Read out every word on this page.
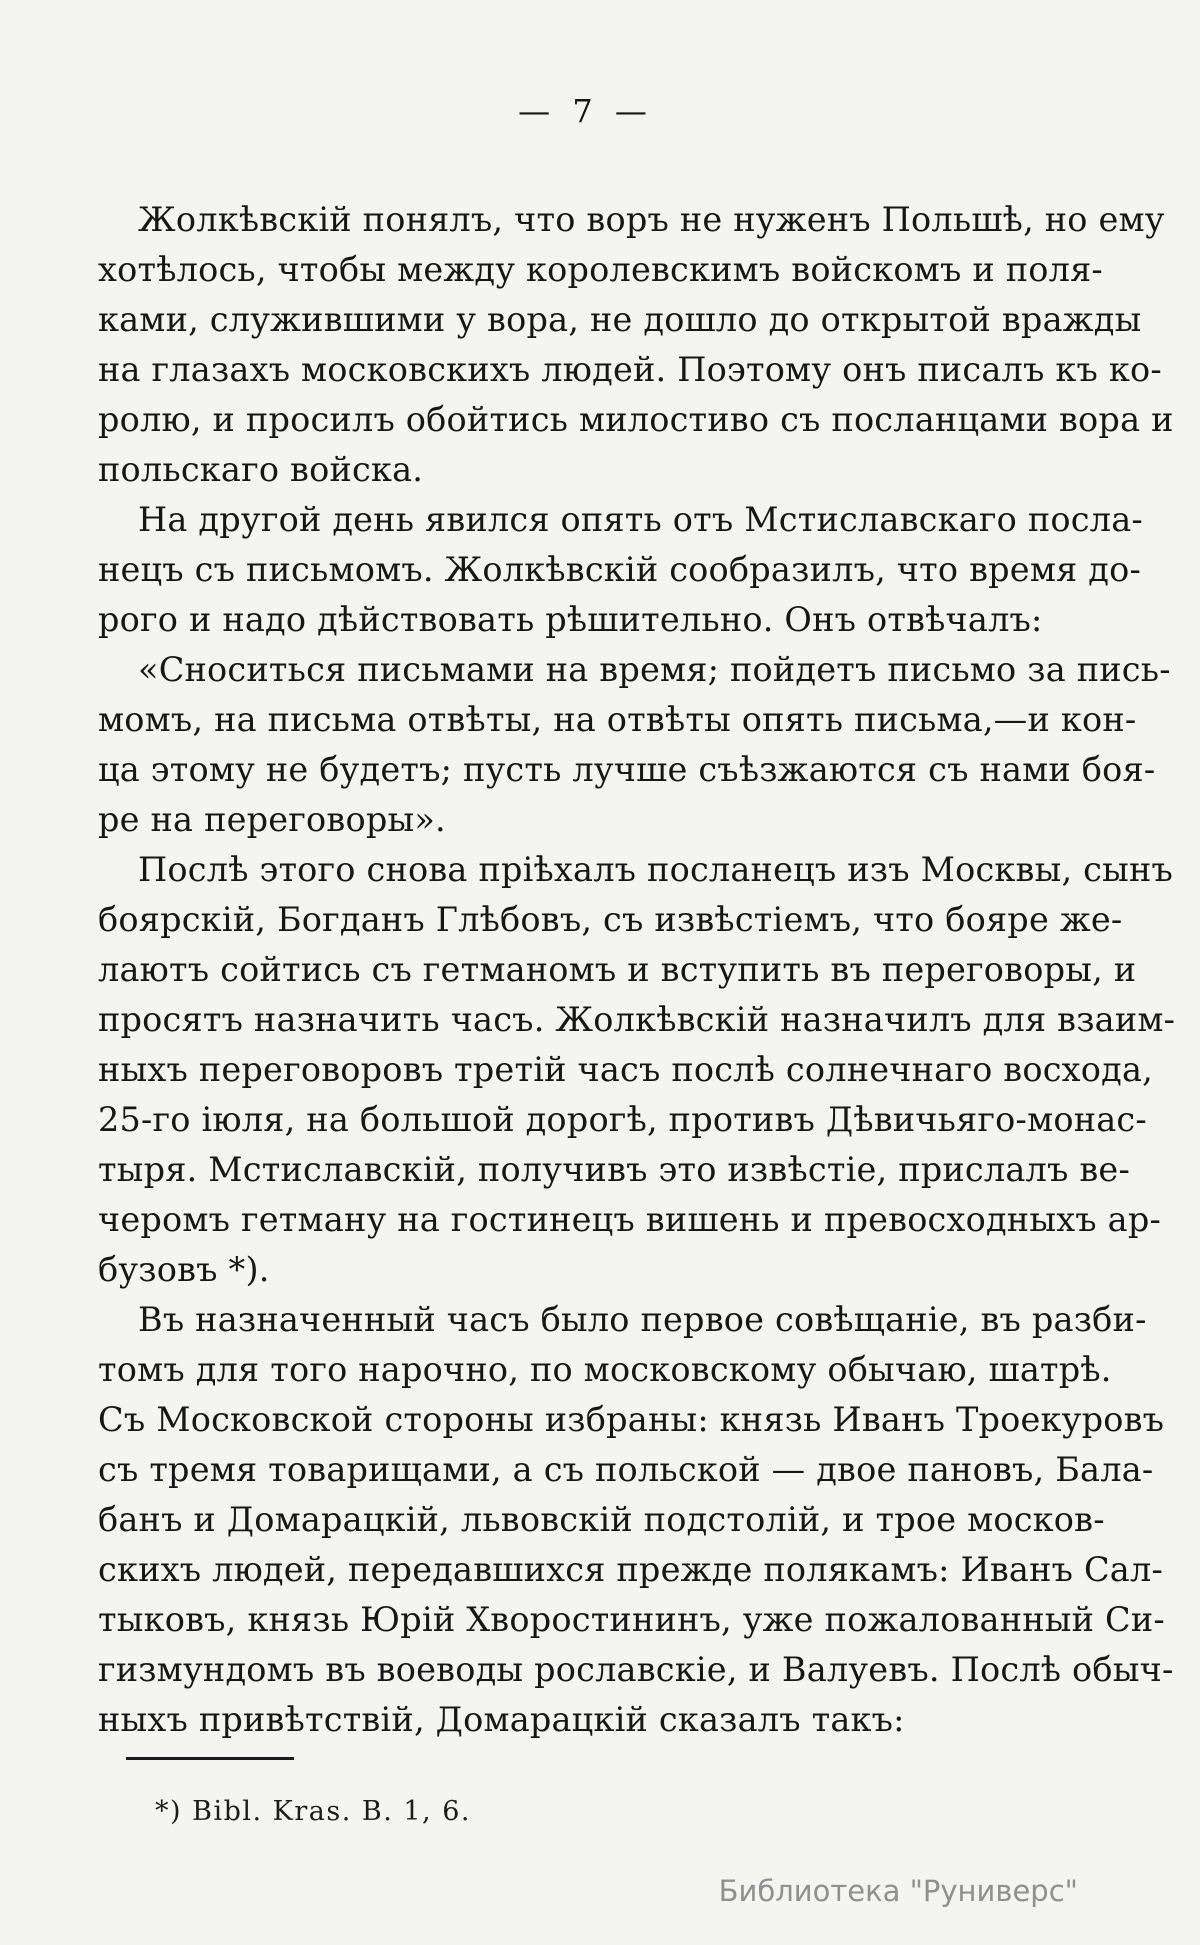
— 7 —
Жолкѣвскій понялъ, что воръ не нуженъ Польшѣ, но ему
хотѣлось, чтобы между королевскимъ войскомъ и поля-
ками, служившими у вора, не дошло до открытой вражды
на глазахъ московскихъ людей. Поэтому онъ писалъ къ ко-
ролю, и просилъ обойтись милостиво съ посланцами вора и
польскаго войска.
На другой день явился опять отъ Мстиславскаго посла-
нецъ съ письмомъ. Жолкѣвскій сообразилъ, что время до-
рого и надо дѣйствовать рѣшительно. Онъ отвѣчалъ:
«Сноситься письмами на время; пойдетъ письмо за пись-
момъ, на письма отвѣты, на отвѣты опять письма,—и кон-
ца этому не будетъ; пусть лучше съѣзжаются съ нами боя-
ре на переговоры».
Послѣ этого снова пріѣхалъ посланецъ изъ Москвы, сынъ
боярскій, Богданъ Глѣбовъ, съ извѣстіемъ, что бояре же-
лаютъ сойтись съ гетманомъ и вступить въ переговоры, и
просятъ назначить часъ. Жолкѣвскій назначилъ для взаим-
ныхъ переговоровъ третій часъ послѣ солнечнаго восхода,
25-го іюля, на большой дорогѣ, противъ Дѣвичьяго-монас-
тыря. Мстиславскій, получивъ это извѣстіе, прислалъ ве-
черомъ гетману на гостинецъ вишень и превосходныхъ ар-
бузовъ *).
Въ назначенный часъ было первое совѣщаніе, въ разби-
томъ для того нарочно, по московскому обычаю, шатрѣ.
Съ Московской стороны избраны: князь Иванъ Троекуровъ
съ тремя товарищами, а съ польской — двое пановъ, Бала-
банъ и Домарацкій, львовскій подстолій, и трое москов-
скихъ людей, передавшихся прежде полякамъ: Иванъ Сал-
тыковъ, князь Юрій Хворостининъ, уже пожалованный Си-
гизмундомъ въ воеводы рославскіе, и Валуевъ. Послѣ обыч-
ныхъ привѣтствій, Домарацкій сказалъ такъ:
*) Bibl. Kras. B. 1, 6.
Библиотека "Руниверс"
